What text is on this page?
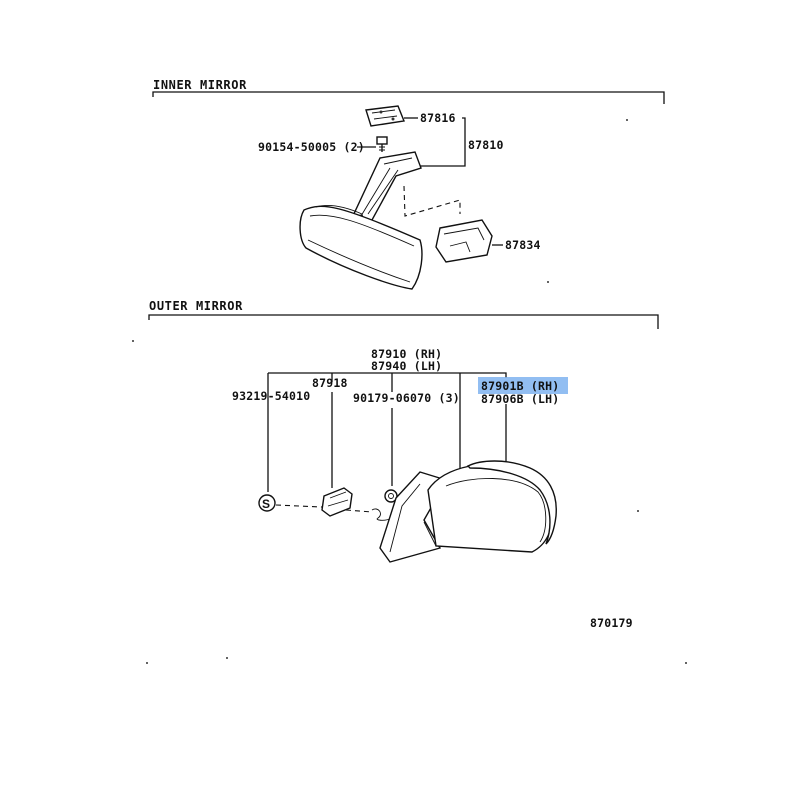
INNER MIRROR
87816
90154-50005 (2)	87810
87834
OUTER MIRROR
87910 (RH)
87940 (LH)
87901B (RH)
87906B (LH)
87918
93219-54010	90179-06070 (3)
S
870179
